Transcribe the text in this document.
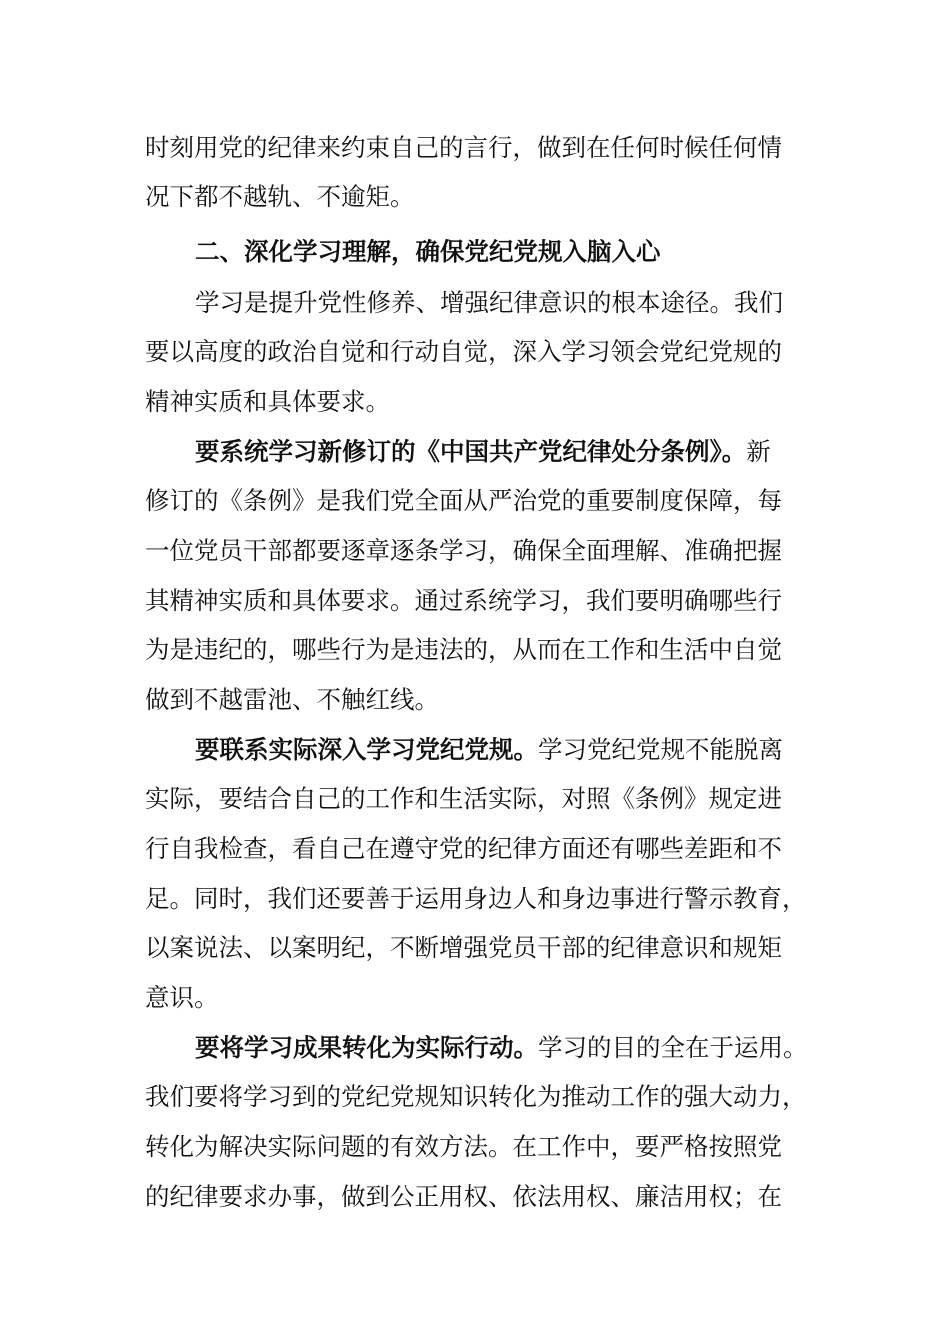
时刻用党的纪律来约束自己的言行，做到在任何时候任何情
况下都不越轨、不逾矩。
二、深化学习理解，确保党纪党规入脑入心
学习是提升党性修养、增强纪律意识的根本途径。我们
要以高度的政治自觉和行动自觉，深入学习领会党纪党规的
精神实质和具体要求。
要系统学习新修订的《中国共产党纪律处分条例》。新
修订的《条例》是我们党全面从严治党的重要制度保障，每
一位党员干部都要逐章逐条学习，确保全面理解、准确把握
其精神实质和具体要求。通过系统学习，我们要明确哪些行
为是违纪的，哪些行为是违法的，从而在工作和生活中自觉
做到不越雷池、不触红线。
要联系实际深入学习党纪党规。学习党纪党规不能脱离
实际，要结合自己的工作和生活实际，对照《条例》规定进
行自我检查，看自己在遵守党的纪律方面还有哪些差距和不
足。同时，我们还要善于运用身边人和身边事进行警示教育，
以案说法、以案明纪，不断增强党员干部的纪律意识和规矩
意识。
要将学习成果转化为实际行动。学习的目的全在于运用。
我们要将学习到的党纪党规知识转化为推动工作的强大动力，
转化为解决实际问题的有效方法。在工作中，要严格按照党
的纪律要求办事，做到公正用权、依法用权、廉洁用权；在
